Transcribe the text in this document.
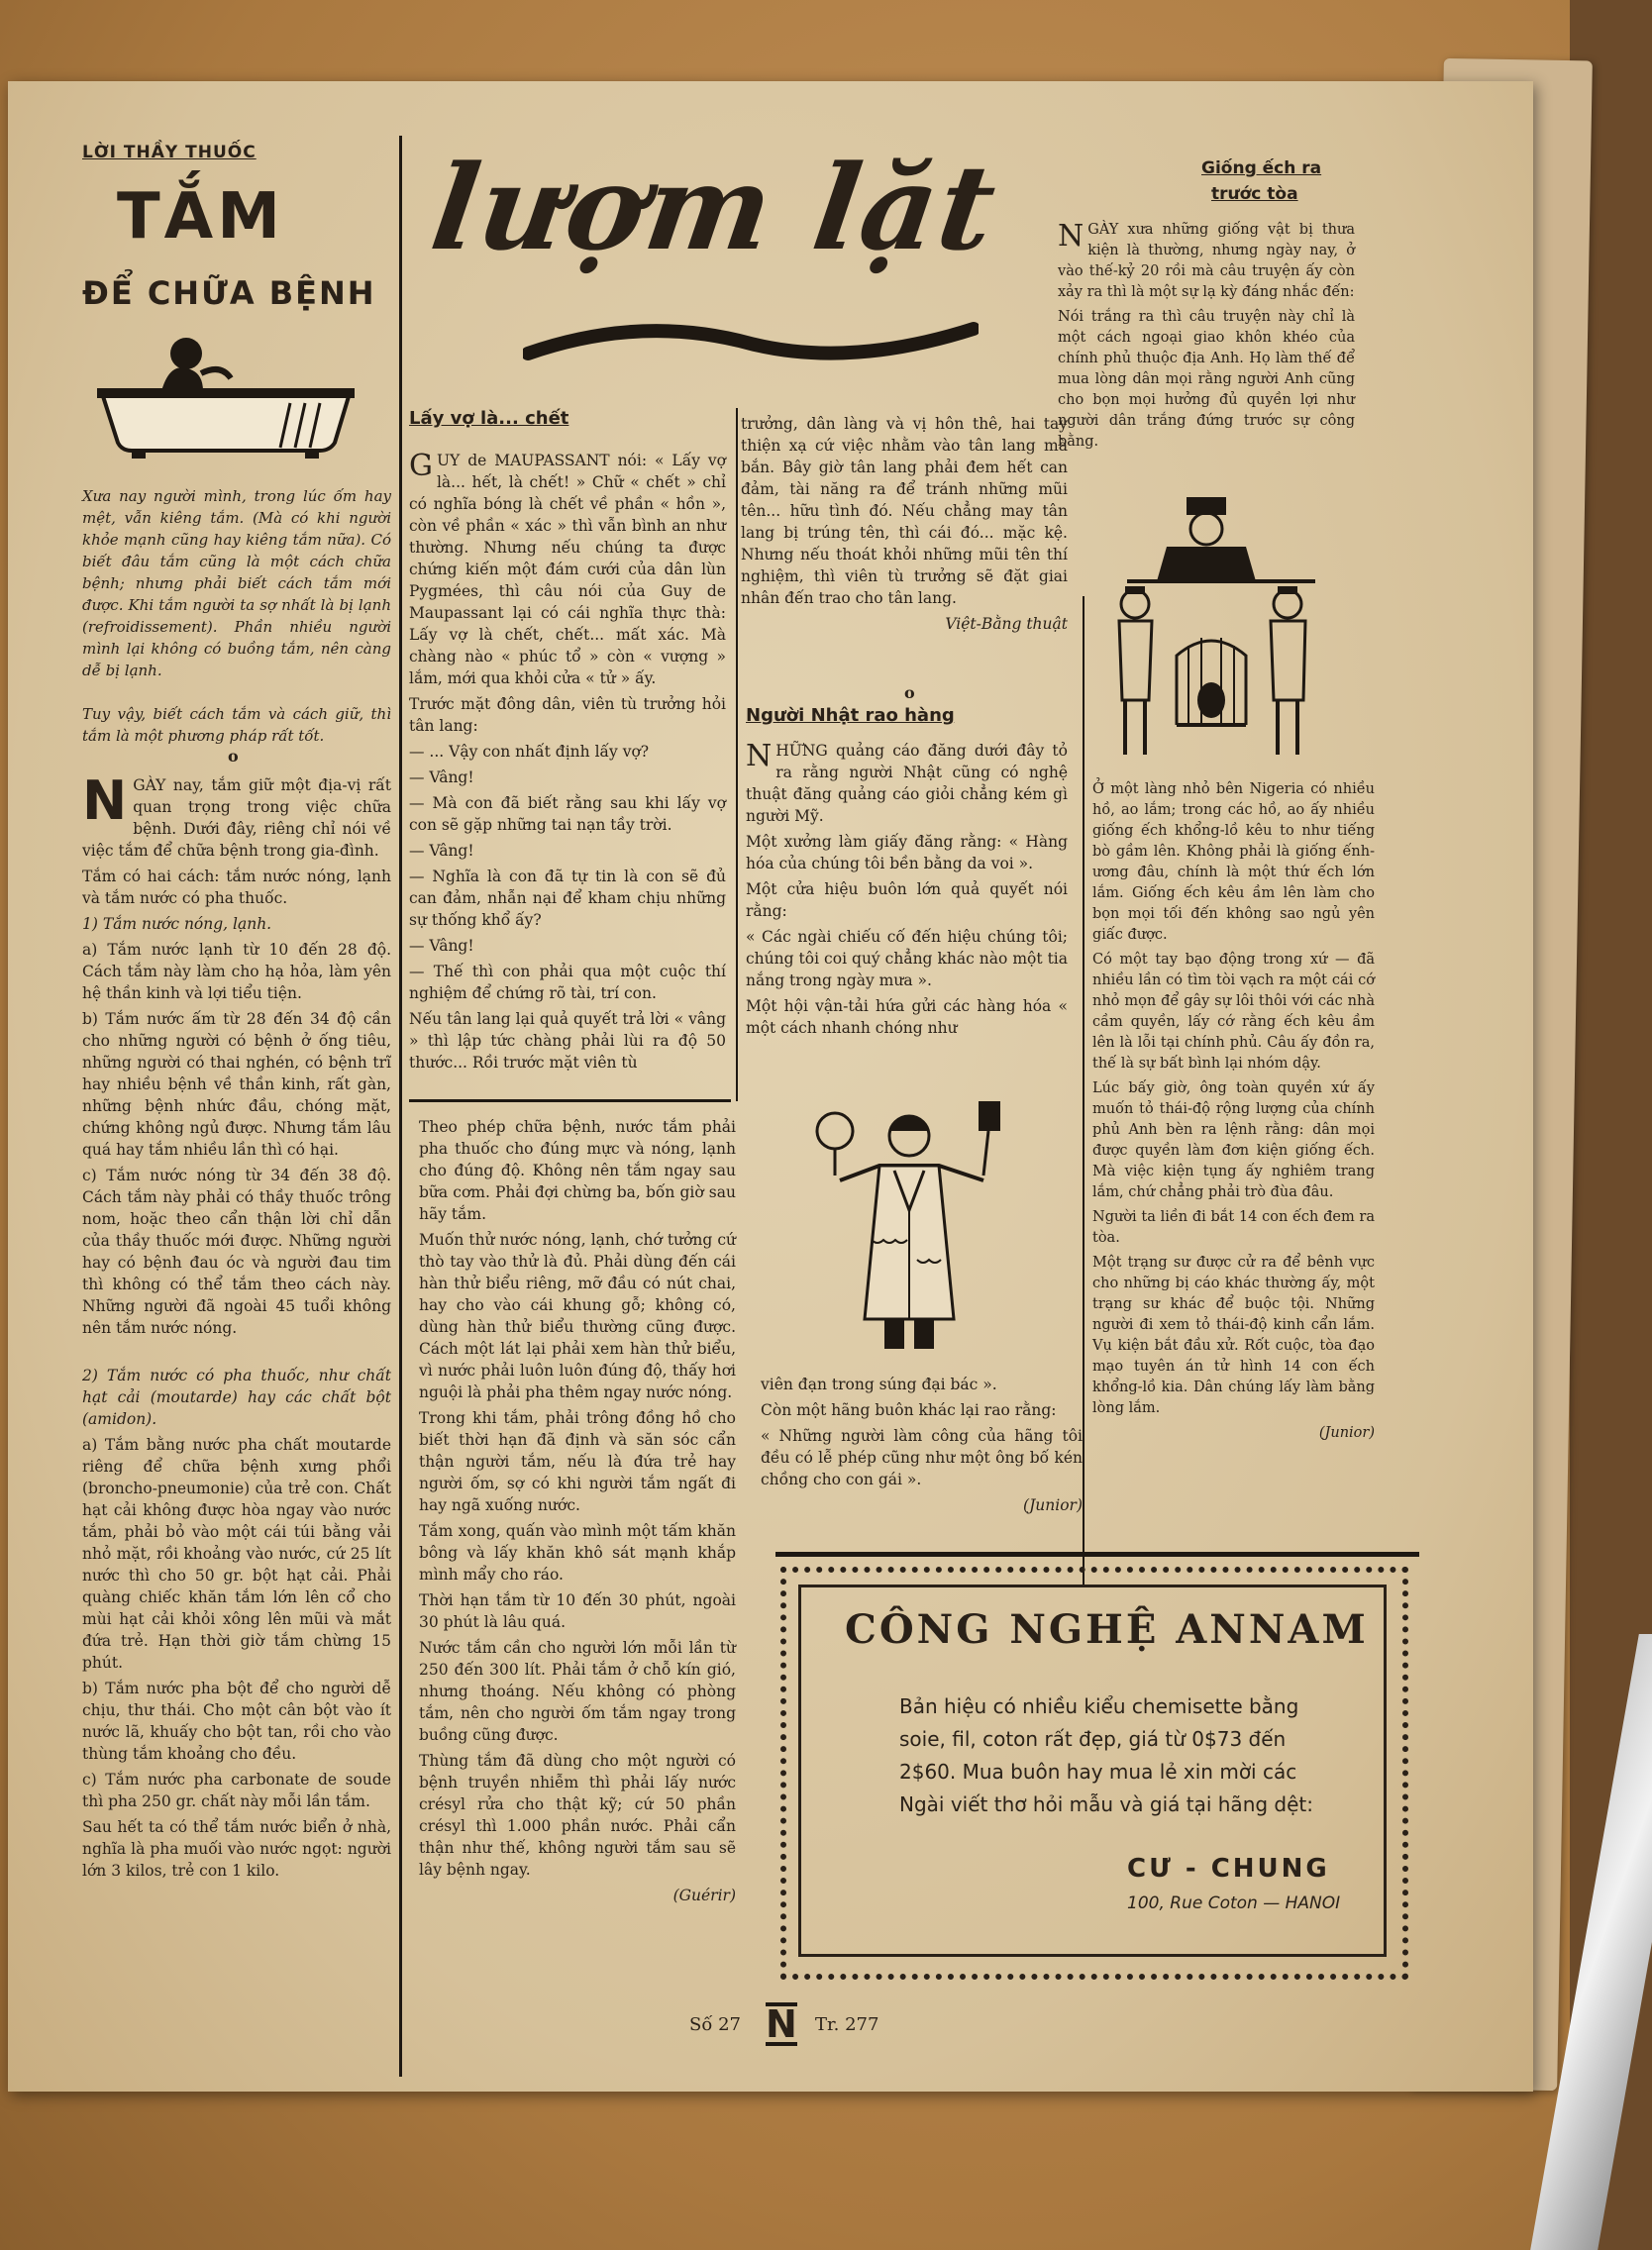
LỜI THẦY THUỐC
TẮM
ĐỂ CHỮA BỆNH
Xưa nay người mình, trong lúc ốm hay mệt, vẫn kiêng tắm. (Mà có khi người khỏe mạnh cũng hay kiêng tắm nữa). Có biết đâu tắm cũng là một cách chữa bệnh; nhưng phải biết cách tắm mới được. Khi tắm người ta sợ nhất là bị lạnh (refroidissement). Phần nhiều người mình lại không có buồng tắm, nên càng dễ bị lạnh.
Tuy vậy, biết cách tắm và cách giữ, thì tắm là một phương pháp rất tốt.
o
N GÀY nay, tắm giữ một địa-vị rất quan trọng trong việc chữa bệnh. Dưới đây, riêng chỉ nói về việc tắm để chữa bệnh trong gia-đình.

Tắm có hai cách: tắm nước nóng, lạnh và tắm nước có pha thuốc.

1) Tắm nước nóng, lạnh.

a) Tắm nước lạnh từ 10 đến 28 độ. Cách tắm này làm cho hạ hỏa, làm yên hệ thần kinh và lợi tiểu tiện.

b) Tắm nước ấm từ 28 đến 34 độ cần cho những người có bệnh ở ống tiêu, những người có thai nghén, có bệnh trĩ hay nhiều bệnh về thần kinh, rất gàn, những bệnh nhức đầu, chóng mặt, chứng không ngủ được. Nhưng tắm lâu quá hay tắm nhiều lần thì có hại.

c) Tắm nước nóng từ 34 đến 38 độ. Cách tắm này phải có thầy thuốc trông nom, hoặc theo cẩn thận lời chỉ dẫn của thầy thuốc mới được. Những người hay có bệnh đau óc và người đau tim thì không có thể tắm theo cách này. Những người đã ngoài 45 tuổi không nên tắm nước nóng.

2) Tắm nước có pha thuốc, như chất hạt cải (moutarde) hay các chất bột (amidon).

a) Tắm bằng nước pha chất moutarde riêng để chữa bệnh xưng phổi (broncho-pneumonie) của trẻ con. Chất hạt cải không được hòa ngay vào nước tắm, phải bỏ vào một cái túi bằng vải nhỏ mặt, rồi khoảng vào nước, cứ 25 lít nước thì cho 50 gr. bột hạt cải. Phải quàng chiếc khăn tắm lớn lên cổ cho mùi hạt cải khỏi xông lên mũi và mắt đứa trẻ. Hạn thời giờ tắm chừng 15 phút.

b) Tắm nước pha bột để cho người dễ chịu, thư thái. Cho một cân bột vào ít nước lã, khuấy cho bột tan, rồi cho vào thùng tắm khoảng cho đều.

c) Tắm nước pha carbonate de soude thì pha 250 gr. chất này mỗi lần tắm.

Sau hết ta có thể tắm nước biển ở nhà, nghĩa là pha muối vào nước ngọt: người lớn 3 kilos, trẻ con 1 kilo.

lượm lặt
Lấy vợ là... chết
G UY de MAUPASSANT nói: « Lấy vợ là... hết, là chết! » Chữ « chết » chỉ có nghĩa bóng là chết về phần « hồn », còn về phần « xác » thì vẫn bình an như thường. Nhưng nếu chúng ta được chứng kiến một đám cưới của dân lùn Pygmées, thì câu nói của Guy de Maupassant lại có cái nghĩa thực thà: Lấy vợ là chết, chết... mất xác. Mà chàng nào « phúc tổ » còn « vượng » lắm, mới qua khỏi cửa « tử » ấy.

Trước mặt đông dân, viên tù trưởng hỏi tân lang:

— ... Vậy con nhất định lấy vợ?

— Vâng!

— Mà con đã biết rằng sau khi lấy vợ con sẽ gặp những tai nạn tầy trời.

— Vâng!

— Nghĩa là con đã tự tin là con sẽ đủ can đảm, nhẫn nại để kham chịu những sự thống khổ ấy?

— Vâng!

— Thế thì con phải qua một cuộc thí nghiệm để chứng rõ tài, trí con.

Nếu tân lang lại quả quyết trả lời « vâng » thì lập tức chàng phải lùi ra độ 50 thước... Rồi trước mặt viên tù

trưởng, dân làng và vị hôn thê, hai tay thiện xạ cứ việc nhằm vào tân lang mà bắn. Bây giờ tân lang phải đem hết can đảm, tài năng ra để tránh những mũi tên... hữu tình đó. Nếu chẳng may tân lang bị trúng tên, thì cái đó... mặc kệ. Nhưng nếu thoát khỏi những mũi tên thí nghiệm, thì viên tù trưởng sẽ đặt giai nhân đến trao cho tân lang.

Việt-Bằng thuật

Theo phép chữa bệnh, nước tắm phải pha thuốc cho đúng mực và nóng, lạnh cho đúng độ. Không nên tắm ngay sau bữa cơm. Phải đợi chừng ba, bốn giờ sau hãy tắm.

Muốn thử nước nóng, lạnh, chớ tưởng cứ thò tay vào thử là đủ. Phải dùng đến cái hàn thử biểu riêng, mỡ đầu có nút chai, hay cho vào cái khung gỗ; không có, dùng hàn thử biểu thường cũng được. Cách một lát lại phải xem hàn thử biểu, vì nước phải luôn luôn đúng độ, thấy hơi nguội là phải pha thêm ngay nước nóng.

Trong khi tắm, phải trông đồng hồ cho biết thời hạn đã định và săn sóc cẩn thận người tắm, nếu là đứa trẻ hay người ốm, sợ có khi người tắm ngất đi hay ngã xuống nước.

Tắm xong, quấn vào mình một tấm khăn bông và lấy khăn khô sát mạnh khắp mình mẩy cho ráo.

Thời hạn tắm từ 10 đến 30 phút, ngoài 30 phút là lâu quá.

Nước tắm cần cho người lớn mỗi lần từ 250 đến 300 lít. Phải tắm ở chỗ kín gió, nhưng thoáng. Nếu không có phòng tắm, nên cho người ốm tắm ngay trong buồng cũng được.

Thùng tắm đã dùng cho một người có bệnh truyền nhiễm thì phải lấy nước crésyl rửa cho thật kỹ; cứ 50 phần crésyl thì 1.000 phần nước. Phải cẩn thận như thế, không người tắm sau sẽ lây bệnh ngay.

(Guérir)

o
Người Nhật rao hàng
N HỮNG quảng cáo đăng dưới đây tỏ ra rằng người Nhật cũng có nghệ thuật đăng quảng cáo giỏi chẳng kém gì người Mỹ.

Một xưởng làm giấy đăng rằng: « Hàng hóa của chúng tôi bền bằng da voi ».

Một cửa hiệu buôn lớn quả quyết nói rằng:

« Các ngài chiếu cố đến hiệu chúng tôi; chúng tôi coi quý chẳng khác nào một tia nắng trong ngày mưa ».

Một hội vận-tải hứa gửi các hàng hóa « một cách nhanh chóng như

viên đạn trong súng đại bác ».

Còn một hãng buôn khác lại rao rằng:

« Những người làm công của hãng tôi đều có lễ phép cũng như một ông bố kén chồng cho con gái ».

(Junior)

Giống ếch ra
trước tòa
N GÀY xưa những giống vật bị thưa kiện là thường, nhưng ngày nay, ở vào thế-kỷ 20 rồi mà câu truyện ấy còn xảy ra thì là một sự lạ kỳ đáng nhắc đến:

Nói trắng ra thì câu truyện này chỉ là một cách ngoại giao khôn khéo của chính phủ thuộc địa Anh. Họ làm thế để mua lòng dân mọi rằng người Anh cũng cho bọn mọi hưởng đủ quyền lợi như người dân trắng đứng trước sự công bằng.

Ở một làng nhỏ bên Nigeria có nhiều hồ, ao lắm; trong các hồ, ao ấy nhiều giống ếch khổng-lồ kêu to như tiếng bò gầm lên. Không phải là giống ếnh-ương đâu, chính là một thứ ếch lớn lắm. Giống ếch kêu ầm lên làm cho bọn mọi tối đến không sao ngủ yên giấc được.

Có một tay bạo động trong xứ — đã nhiều lần có tìm tòi vạch ra một cái cớ nhỏ mọn để gây sự lôi thôi với các nhà cầm quyền, lấy cớ rằng ếch kêu ầm lên là lỗi tại chính phủ. Câu ấy đồn ra, thế là sự bất bình lại nhóm dậy.

Lúc bấy giờ, ông toàn quyền xứ ấy muốn tỏ thái-độ rộng lượng của chính phủ Anh bèn ra lệnh rằng: dân mọi được quyền làm đơn kiện giống ếch. Mà việc kiện tụng ấy nghiêm trang lắm, chứ chẳng phải trò đùa đâu.

Người ta liền đi bắt 14 con ếch đem ra tòa.

Một trạng sư được cử ra để bênh vực cho những bị cáo khác thường ấy, một trạng sư khác để buộc tội. Những người đi xem tỏ thái-độ kinh cẩn lắm. Vụ kiện bắt đầu xử. Rốt cuộc, tòa đạo mạo tuyên án tử hình 14 con ếch khổng-lồ kia. Dân chúng lấy làm bằng lòng lắm.

(Junior)

CÔNG NGHỆ ANNAM
Bản hiệu có nhiều kiểu chemisette bằng soie, fil, coton rất đẹp, giá từ 0$73 đến 2$60. Mua buôn hay mua lẻ xin mời các Ngài viết thơ hỏi mẫu và giá tại hãng dệt:
CƯ - CHUNG
100, Rue Coton — HANOI
Số 27 N Tr. 277
